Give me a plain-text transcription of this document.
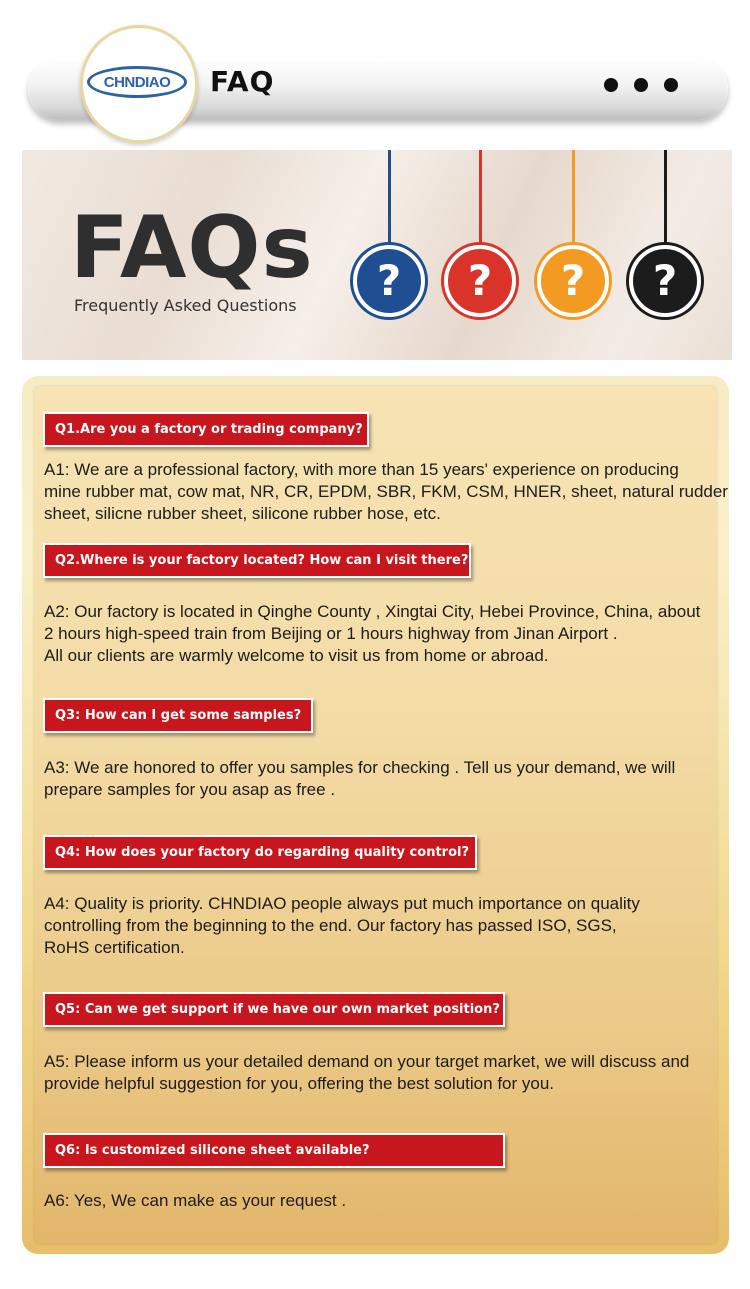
CHNDIAO FAQ
FAQs
Frequently Asked Questions
? ? ? ?
Q1.Are you a factory or trading company?

A1: We are a professional factory, with more than 15 years' experience on producing

mine rubber mat, cow mat, NR, CR, EPDM, SBR, FKM, CSM, HNER, sheet, natural rudder

sheet, silicne rubber sheet, silicone rubber hose, etc.

Q2.Where is your factory located? How can I visit there?

A2: Our factory is located in Qinghe County , Xingtai City, Hebei Province, China, about

2 hours high-speed train from Beijing or 1 hours highway from Jinan Airport .

All our clients are warmly welcome to visit us from home or abroad.

Q3: How can I get some samples?

A3: We are honored to offer you samples for checking . Tell us your demand, we will

prepare samples for you asap as free .

Q4: How does your factory do regarding quality control?

A4: Quality is priority. CHNDIAO people always put much importance on quality

controlling from the beginning to the end. Our factory has passed ISO, SGS,

RoHS certification.

Q5: Can we get support if we have our own market position?

A5: Please inform us your detailed demand on your target market, we will discuss and

provide helpful suggestion for you, offering the best solution for you.

Q6: Is customized silicone sheet available?

A6: Yes, We can make as your request .
